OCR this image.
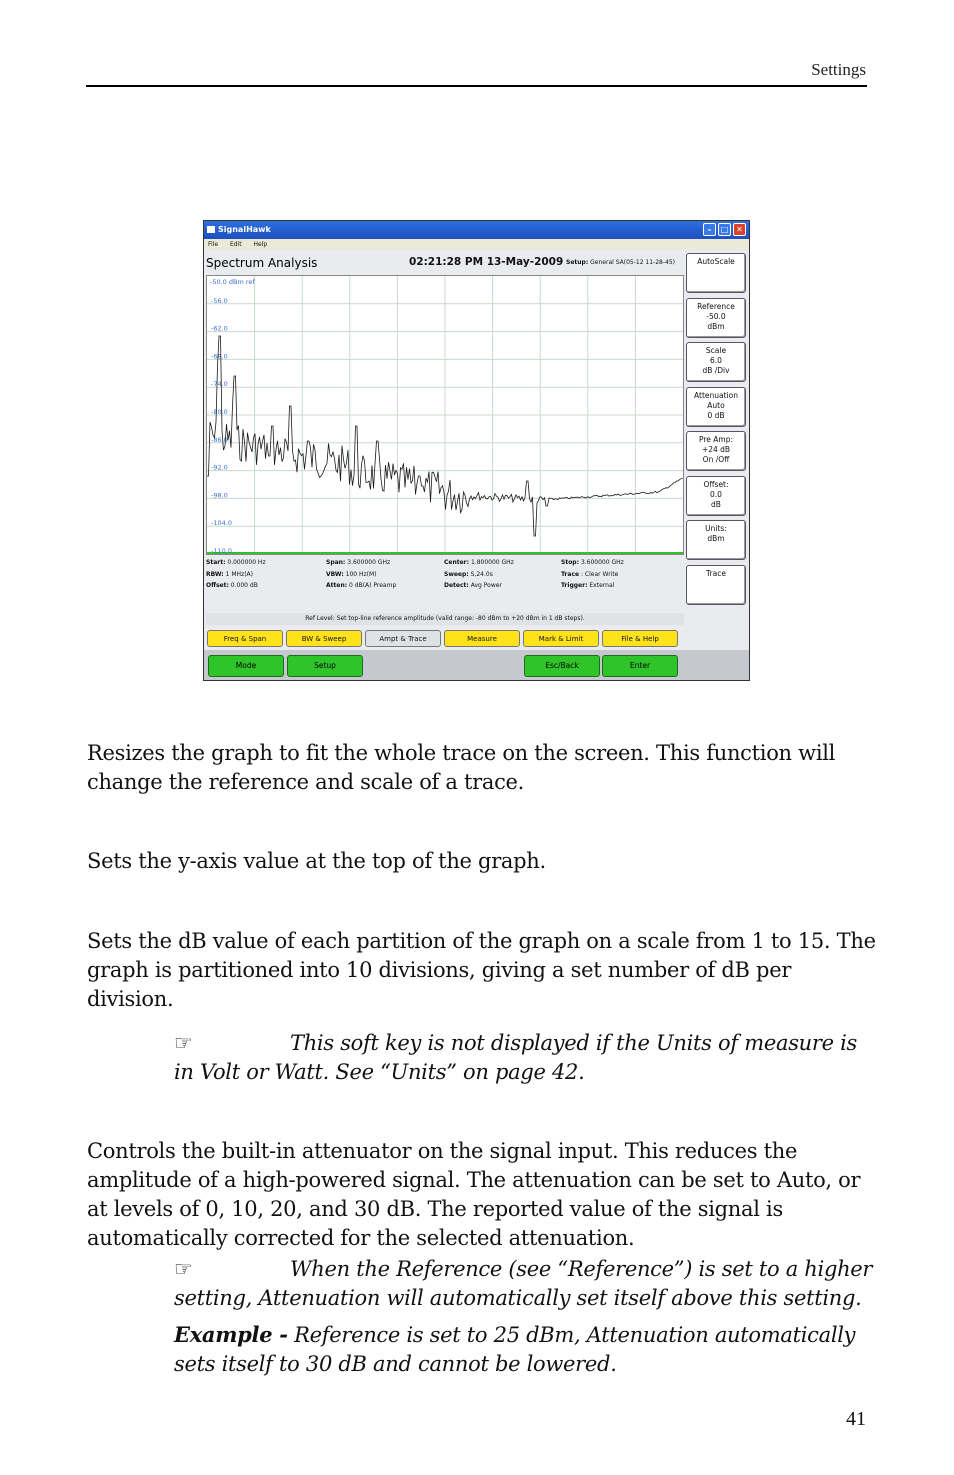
Settings
SignalHawk	–	□ ✕
File Edit Help
Spectrum Analysis	02:21:28 PM 13-May-2009 Setup: General SA(05-12 11-28-45)
-50.0 dBm ref
-56.0
-62.0
-68.0
-74.0
-80.0
-86.0
-92.0
-98.0
-104.0
-110.0
Start: 0.000000 Hz	Span: 3.600000 GHz	Center: 1.800000 GHz	Stop: 3.600000 GHz
RBW: 1 MHz(A)	VBW: 100 Hz(M)	Sweep: S,24.0s	Trace : Clear Write
Offset: 0.000 dB	Atten: 0 dB(A) Preamp	Detect: Avg Power	Trigger: External
Ref Level: Set top-line reference amplitude (valid range: -80 dBm to +20 dBm in 1 dB steps).
AutoScale
Reference
-50.0
dBm
Scale
6.0
dB /Div
Attenuation
Auto
0 dB
Pre Amp:
+24 dB
On /Off
Offset:
0.0
dB
Units:
dBm
Trace
Freq & Span	BW & Sweep	Ampt & Trace	Measure	Mark & Limit	File & Help
Mode	Setup	Esc/Back	Enter
Resizes the graph to fit the whole trace on the screen. This function will change the reference and scale of a trace.
Sets the y-axis value at the top of the graph.
Sets the dB value of each partition of the graph on a scale from 1 to 15. The graph is partitioned into 10 divisions, giving a set number of dB per division.
☞	This soft key is not displayed if the Units of measure is in Volt or Watt. See “Units” on page 42.
Controls the built-in attenuator on the signal input. This reduces the amplitude of a high-powered signal. The attenuation can be set to Auto, or at levels of 0, 10, 20, and 30 dB. The reported value of the signal is automatically corrected for the selected attenuation.
☞	When the Reference (see “Reference”) is set to a higher setting, Attenuation will automatically set itself above this setting.
Example - Reference is set to 25 dBm, Attenuation automatically sets itself to 30 dB and cannot be lowered.
41
